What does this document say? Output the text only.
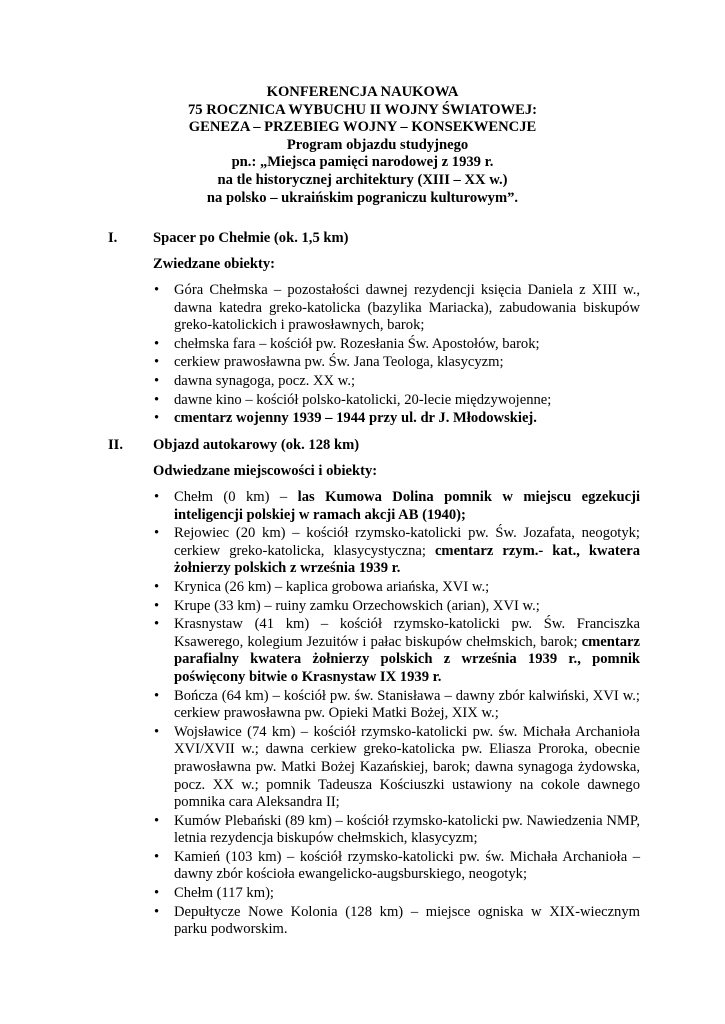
KONFERENCJA NAUKOWA
75 ROCZNICA WYBUCHU II WOJNY ŚWIATOWEJ:
GENEZA – PRZEBIEG WOJNY – KONSEKWENCJE
Program objazdu studyjnego
pn.: „Miejsca pamięci narodowej z 1939 r.
na tle historycznej architektury (XIII – XX w.)
na polsko – ukraińskim pograniczu kulturowym”.
I. Spacer po Chełmie (ok. 1,5 km)
Zwiedzane obiekty:
• Góra Chełmska – pozostałości dawnej rezydencji księcia Daniela z XIII w., dawna katedra greko-katolicka (bazylika Mariacka), zabudowania biskupów greko-katolickich i prawosławnych, barok;
• chełmska fara – kościół pw. Rozesłania Św. Apostołów, barok;
• cerkiew prawosławna pw. Św. Jana Teologa, klasycyzm;
• dawna synagoga, pocz. XX w.;
• dawne kino – kościół polsko-katolicki, 20-lecie międzywojenne;
• cmentarz wojenny 1939 – 1944 przy ul. dr J. Młodowskiej.
II. Objazd autokarowy (ok. 128 km)
Odwiedzane miejscowości i obiekty:
• Chełm (0 km) – las Kumowa Dolina pomnik w miejscu egzekucji inteligencji polskiej w ramach akcji AB (1940);
• Rejowiec (20 km) – kościół rzymsko-katolicki pw. Św. Jozafata, neogotyk; cerkiew greko-katolicka, klasycystyczna; cmentarz rzym.- kat., kwatera żołnierzy polskich z września 1939 r.
• Krynica (26 km) – kaplica grobowa ariańska, XVI w.;
• Krupe (33 km) – ruiny zamku Orzechowskich (arian), XVI w.;
• Krasnystaw (41 km) – kościół rzymsko-katolicki pw. Św. Franciszka Ksawerego, kolegium Jezuitów i pałac biskupów chełmskich, barok; cmentarz parafialny kwatera żołnierzy polskich z września 1939 r., pomnik poświęcony bitwie o Krasnystaw IX 1939 r.
• Bończa (64 km) – kościół pw. św. Stanisława – dawny zbór kalwiński, XVI w.; cerkiew prawosławna pw. Opieki Matki Bożej, XIX w.;
• Wojsławice (74 km) – kościół rzymsko-katolicki pw. św. Michała Archanioła XVI/XVII w.; dawna cerkiew greko-katolicka pw. Eliasza Proroka, obecnie prawosławna pw. Matki Bożej Kazańskiej, barok; dawna synagoga żydowska, pocz. XX w.; pomnik Tadeusza Kościuszki ustawiony na cokole dawnego pomnika cara Aleksandra II;
• Kumów Plebański (89 km) – kościół rzymsko-katolicki pw. Nawiedzenia NMP, letnia rezydencja biskupów chełmskich, klasycyzm;
• Kamień (103 km) – kościół rzymsko-katolicki pw. św. Michała Archanioła – dawny zbór kościoła ewangelicko-augsburskiego, neogotyk;
• Chełm (117 km);
• Depułtycze Nowe Kolonia (128 km) – miejsce ogniska w XIX-wiecznym parku podworskim.
